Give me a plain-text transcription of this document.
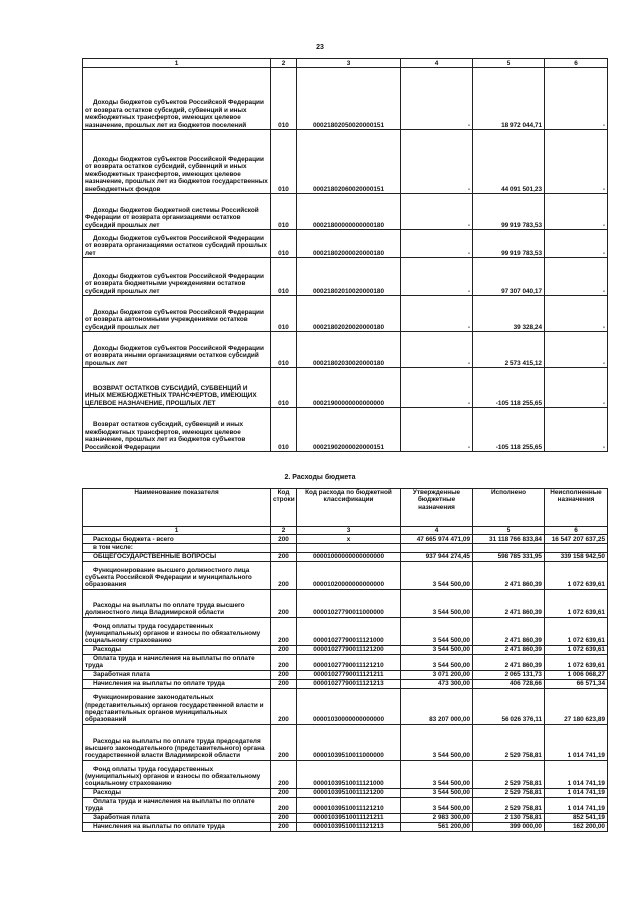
23
1	2	3	4	5	6
Доходы бюджетов субъектов Российской Федерации от возврата остатков субсидий, субвенций и иных межбюджетных трансфертов, имеющих целевое назначение, прошлых лет из бюджетов поселений	010	00021802050020000151	-	18 972 044,71	-
Доходы бюджетов субъектов Российской Федерации от возврата остатков субсидий, субвенций и иных межбюджетных трансфертов, имеющих целевое назначение, прошлых лет из бюджетов государственных внебюджетных фондов	010	00021802060020000151	-	44 091 501,23	-
Доходы бюджетов бюджетной системы Российской Федерации от возврата организациями остатков субсидий прошлых лет	010	00021800000000000180	-	99 919 783,53	-
Доходы бюджетов субъектов Российской Федерации от возврата организациями остатков субсидий прошлых лет	010	00021802000020000180	-	99 919 783,53	-
Доходы бюджетов субъектов Российской Федерации от возврата бюджетными учреждениями остатков субсидий прошлых лет	010	00021802010020000180	-	97 307 040,17	-
Доходы бюджетов субъектов Российской Федерации от возврата автономными учреждениями остатков субсидий прошлых лет	010	00021802020020000180	-	39 328,24	-
Доходы бюджетов субъектов Российской Федерации от возврата иными организациями остатков субсидий прошлых лет	010	00021802030020000180	-	2 573 415,12	-
ВОЗВРАТ ОСТАТКОВ СУБСИДИЙ, СУБВЕНЦИЙ И ИНЫХ МЕЖБЮДЖЕТНЫХ ТРАНСФЕРТОВ, ИМЕЮЩИХ ЦЕЛЕВОЕ НАЗНАЧЕНИЕ, ПРОШЛЫХ ЛЕТ	010	00021900000000000000	-	-105 118 255,65	-
Возврат остатков субсидий, субвенций и иных межбюджетных трансфертов, имеющих целевое назначение, прошлых лет из бюджетов субъектов Российской Федерации	010	00021902000020000151	-	-105 118 255,65	-
2. Расходы бюджета
Наименование показателя	Код строки	Код расхода по бюджетной классификации	Утвержденные бюджетные назначения	Исполнено	Неисполненные назначения
1	2	3	4	5	6
Расходы бюджета - всего	200	x	47 665 974 471,09	31 118 766 833,84	16 547 207 637,25
в том числе:					
ОБЩЕГОСУДАРСТВЕННЫЕ ВОПРОСЫ	200	00001000000000000000	937 944 274,45	598 785 331,95	339 158 942,50
Функционирование высшего должностного лица субъекта Российской Федерации и муниципального образования	200	00001020000000000000	3 544 500,00	2 471 860,39	1 072 639,61
Расходы на выплаты по оплате труда высшего должностного лица Владимирской области	200	00001027790011000000	3 544 500,00	2 471 860,39	1 072 639,61
Фонд оплаты труда государственных (муниципальных) органов и взносы по обязательному социальному страхованию	200	00001027790011121000	3 544 500,00	2 471 860,39	1 072 639,61
Расходы	200	00001027790011121200	3 544 500,00	2 471 860,39	1 072 639,61
Оплата труда и начисления на выплаты по оплате труда	200	00001027790011121210	3 544 500,00	2 471 860,39	1 072 639,61
Заработная плата	200	00001027790011121211	3 071 200,00	2 065 131,73	1 006 068,27
Начисления на выплаты по оплате труда	200	00001027790011121213	473 300,00	406 728,66	66 571,34
Функционирование законодательных (представительных) органов государственной власти и представительных органов муниципальных образований	200	00001030000000000000	83 207 000,00	56 026 376,11	27 180 623,89
Расходы на выплаты по оплате труда председателя высшего законодательного (представительного) органа государственной власти Владимирской области	200	00001039510011000000	3 544 500,00	2 529 758,81	1 014 741,19
Фонд оплаты труда государственных (муниципальных) органов и взносы по обязательному социальному страхованию	200	00001039510011121000	3 544 500,00	2 529 758,81	1 014 741,19
Расходы	200	00001039510011121200	3 544 500,00	2 529 758,81	1 014 741,19
Оплата труда и начисления на выплаты по оплате труда	200	00001039510011121210	3 544 500,00	2 529 758,81	1 014 741,19
Заработная плата	200	00001039510011121211	2 983 300,00	2 130 758,81	852 541,19
Начисления на выплаты по оплате труда	200	00001039510011121213	561 200,00	399 000,00	162 200,00
